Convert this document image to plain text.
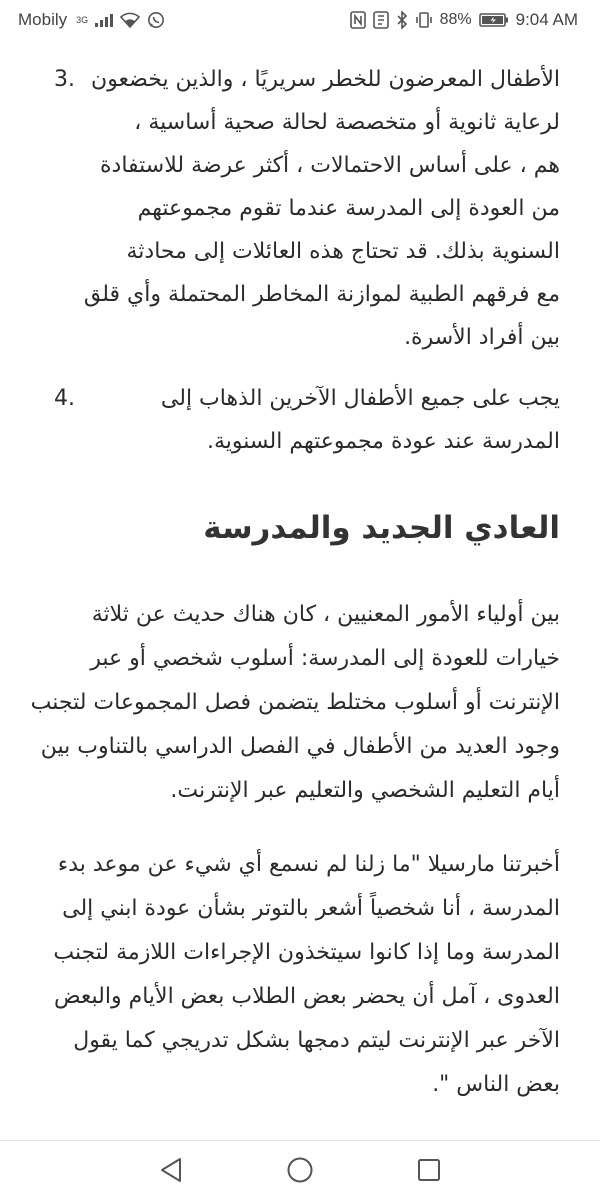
Mobily 3G	88%	9:04 AM
3. الأطفال المعرضون للخطر سريريًا ، والذين يخضعون
لرعاية ثانوية أو متخصصة لحالة صحية أساسية ،
هم ، على أساس الاحتمالات ، أكثر عرضة للاستفادة
من العودة إلى المدرسة عندما تقوم مجموعتهم
السنوية بذلك. قد تحتاج هذه العائلات إلى محادثة
مع فرقهم الطبية لموازنة المخاطر المحتملة وأي قلق
بين أفراد الأسرة.
4.	يجب على جميع الأطفال الآخرين الذهاب إلى
المدرسة عند عودة مجموعتهم السنوية.
العادي الجديد والمدرسة
بين أولياء الأمور المعنيين ، كان هناك حديث عن ثلاثة
خيارات للعودة إلى المدرسة: أسلوب شخصي أو عبر
الإنترنت أو أسلوب مختلط يتضمن فصل المجموعات لتجنب
وجود العديد من الأطفال في الفصل الدراسي بالتناوب بين
أيام التعليم الشخصي والتعليم عبر الإنترنت.
أخبرتنا مارسيلا "ما زلنا لم نسمع أي شيء عن موعد بدء
المدرسة ، أنا شخصياً أشعر بالتوتر بشأن عودة ابني إلى
المدرسة وما إذا كانوا سيتخذون الإجراءات اللازمة لتجنب
العدوى ، آمل أن يحضر بعض الطلاب بعض الأيام والبعض
الآخر عبر الإنترنت ليتم دمجها بشكل تدريجي كما يقول
بعض الناس ".
